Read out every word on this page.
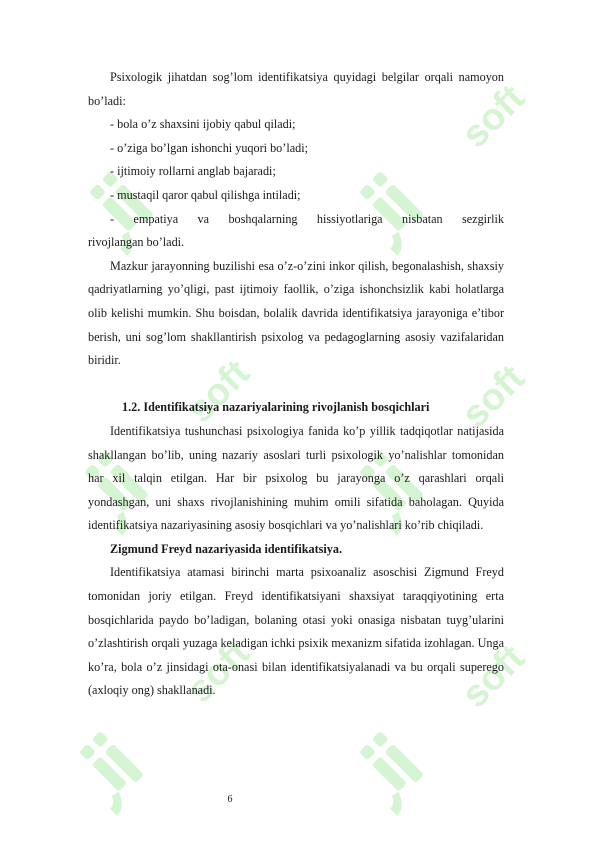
soft
soft	soft
soft	soft

Psixologik jihatdan sog’lom identifikatsiya quyidagi belgilar orqali namoyon bo’ladi:

- bola o’z shaxsini ijobiy qabul qiladi;

- o’ziga bo’lgan ishonchi yuqori bo’ladi;

- ijtimoiy rollarni anglab bajaradi;

- mustaqil qaror qabul qilishga intiladi;

- empatiya va boshqalarning hissiyotlariga nisbatan sezgirlik

rivojlangan bo’ladi.

Mazkur jarayonning buzilishi esa o’z-o’zini inkor qilish, begonalashish, shaxsiy qadriyatlarning yo’qligi, past ijtimoiy faollik, o’ziga ishonchsizlik kabi holatlarga olib kelishi mumkin. Shu boisdan, bolalik davrida identifikatsiya jarayoniga e’tibor berish, uni sog’lom shakllantirish psixolog va pedagoglarning asosiy vazifalaridan biridir.

1.2. Identifikatsiya nazariyalarining rivojlanish bosqichlari

Identifikatsiya tushunchasi psixologiya fanida ko’p yillik tadqiqotlar natijasida shakllangan bo’lib, uning nazariy asoslari turli psixologik yo’nalishlar tomonidan har xil talqin etilgan. Har bir psixolog bu jarayonga o’z qarashlari orqali yondashgan, uni shaxs rivojlanishining muhim omili sifatida baholagan. Quyida identifikatsiya nazariyasining asosiy bosqichlari va yo’nalishlari ko’rib chiqiladi.

Zigmund Freyd nazariyasida identifikatsiya.

Identifikatsiya atamasi birinchi marta psixoanaliz asoschisi Zigmund Freyd tomonidan joriy etilgan. Freyd identifikatsiyani shaxsiyat taraqqiyotining erta bosqichlarida paydo bo’ladigan, bolaning otasi yoki onasiga nisbatan tuyg’ularini o’zlashtirish orqali yuzaga keladigan ichki psixik mexanizm sifatida izohlagan. Unga ko’ra, bola o’z jinsidagi ota-onasi bilan identifikatsiyalanadi va bu orqali superego (axloqiy ong) shakllanadi.

6
